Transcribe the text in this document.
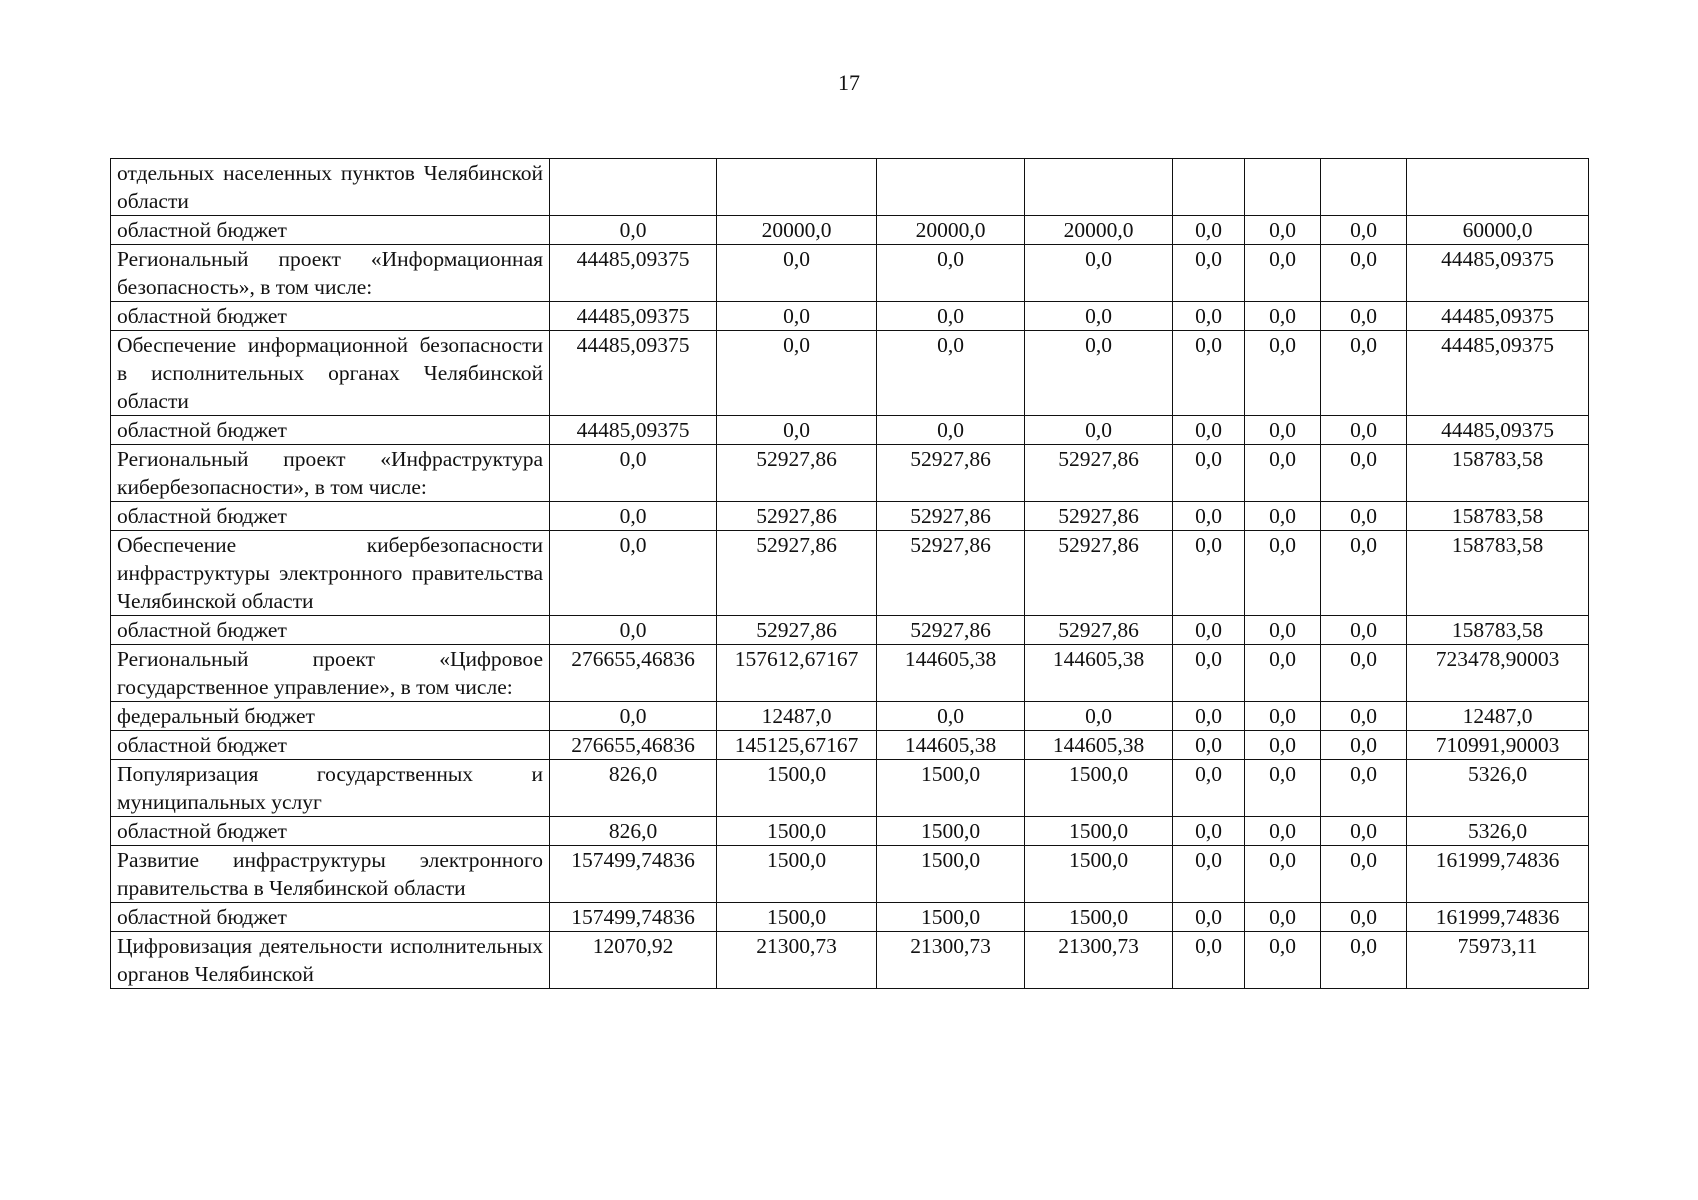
17
отдельных населенных пунктов Челябинской области								
областной бюджет	0,0	20000,0	20000,0	20000,0	0,0	0,0	0,0	60000,0
Региональный проект «Информационная безопасность», в том числе:	44485,09375	0,0	0,0	0,0	0,0	0,0	0,0	44485,09375
областной бюджет	44485,09375	0,0	0,0	0,0	0,0	0,0	0,0	44485,09375
Обеспечение информационной безопасности в исполнительных органах Челябинской области	44485,09375	0,0	0,0	0,0	0,0	0,0	0,0	44485,09375
областной бюджет	44485,09375	0,0	0,0	0,0	0,0	0,0	0,0	44485,09375
Региональный проект «Инфраструктура кибербезопасности», в том числе:	0,0	52927,86	52927,86	52927,86	0,0	0,0	0,0	158783,58
областной бюджет	0,0	52927,86	52927,86	52927,86	0,0	0,0	0,0	158783,58
Обеспечение кибербезопасности инфраструктуры электронного правительства Челябинской области	0,0	52927,86	52927,86	52927,86	0,0	0,0	0,0	158783,58
областной бюджет	0,0	52927,86	52927,86	52927,86	0,0	0,0	0,0	158783,58
Региональный проект «Цифровое государственное управление», в том числе:	276655,46836	157612,67167	144605,38	144605,38	0,0	0,0	0,0	723478,90003
федеральный бюджет	0,0	12487,0	0,0	0,0	0,0	0,0	0,0	12487,0
областной бюджет	276655,46836	145125,67167	144605,38	144605,38	0,0	0,0	0,0	710991,90003
Популяризация государственных и муниципальных услуг	826,0	1500,0	1500,0	1500,0	0,0	0,0	0,0	5326,0
областной бюджет	826,0	1500,0	1500,0	1500,0	0,0	0,0	0,0	5326,0
Развитие инфраструктуры электронного правительства в Челябинской области	157499,74836	1500,0	1500,0	1500,0	0,0	0,0	0,0	161999,74836
областной бюджет	157499,74836	1500,0	1500,0	1500,0	0,0	0,0	0,0	161999,74836
Цифровизация деятельности исполнительных органов Челябинской	12070,92	21300,73	21300,73	21300,73	0,0	0,0	0,0	75973,11
